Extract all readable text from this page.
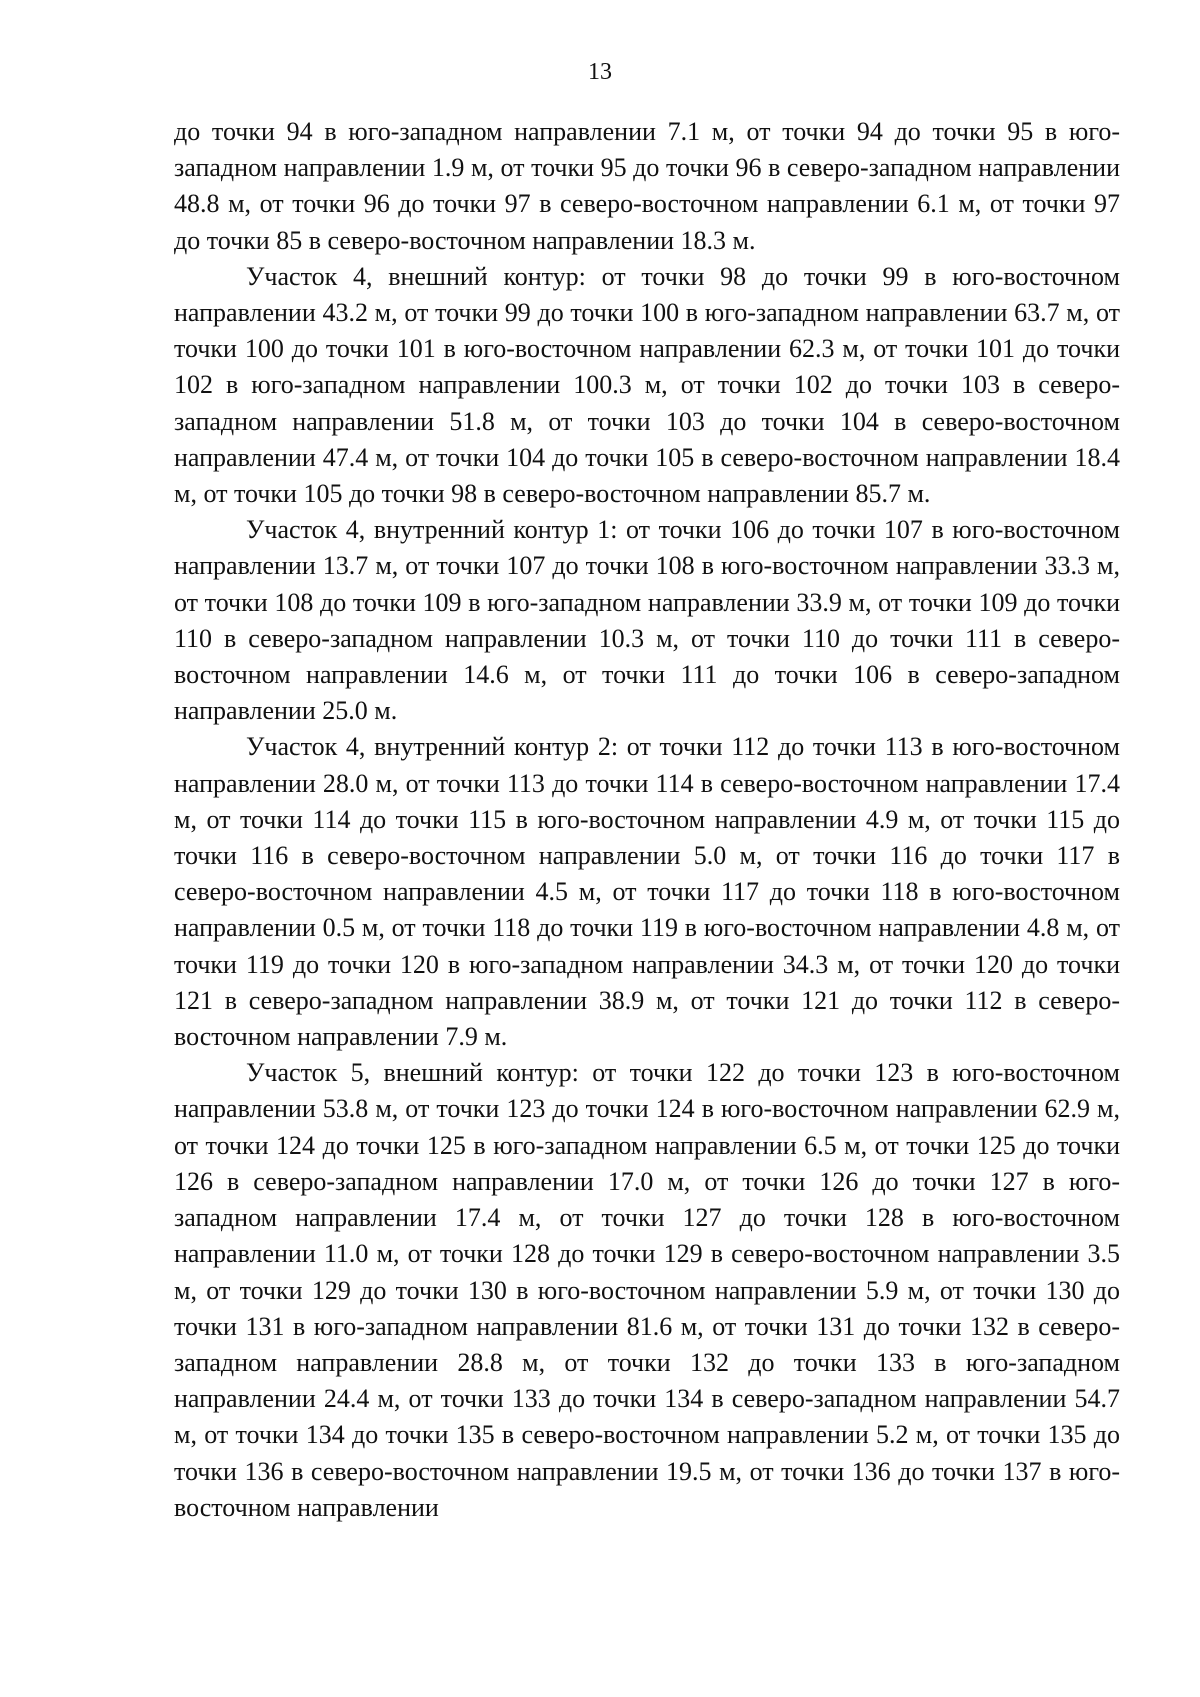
13

до точки 94 в юго-западном направлении 7.1 м, от точки 94 до точки 95 в юго-западном направлении 1.9 м, от точки 95 до точки 96 в северо-западном направлении 48.8 м, от точки 96 до точки 97 в северо-восточном направлении 6.1 м, от точки 97 до точки 85 в северо-восточном направлении 18.3 м.

Участок 4, внешний контур: от точки 98 до точки 99 в юго-восточном направлении 43.2 м, от точки 99 до точки 100 в юго-западном направлении 63.7 м, от точки 100 до точки 101 в юго-восточном направлении 62.3 м, от точки 101 до точки 102 в юго-западном направлении 100.3 м, от точки 102 до точки 103 в северо-западном направлении 51.8 м, от точки 103 до точки 104 в северо-восточном направлении 47.4 м, от точки 104 до точки 105 в северо-восточном направлении 18.4 м, от точки 105 до точки 98 в северо-восточном направлении 85.7 м.

Участок 4, внутренний контур 1: от точки 106 до точки 107 в юго-восточном направлении 13.7 м, от точки 107 до точки 108 в юго-восточном направлении 33.3 м, от точки 108 до точки 109 в юго-западном направлении 33.9 м, от точки 109 до точки 110 в северо-западном направлении 10.3 м, от точки 110 до точки 111 в северо-восточном направлении 14.6 м, от точки 111 до точки 106 в северо-западном направлении 25.0 м.

Участок 4, внутренний контур 2: от точки 112 до точки 113 в юго-восточном направлении 28.0 м, от точки 113 до точки 114 в северо-восточном направлении 17.4 м, от точки 114 до точки 115 в юго-восточном направлении 4.9 м, от точки 115 до точки 116 в северо-восточном направлении 5.0 м, от точки 116 до точки 117 в северо-восточном направлении 4.5 м, от точки 117 до точки 118 в юго-восточном направлении 0.5 м, от точки 118 до точки 119 в юго-восточном направлении 4.8 м, от точки 119 до точки 120 в юго-западном направлении 34.3 м, от точки 120 до точки 121 в северо-западном направлении 38.9 м, от точки 121 до точки 112 в северо-восточном направлении 7.9 м.

Участок 5, внешний контур: от точки 122 до точки 123 в юго-восточном направлении 53.8 м, от точки 123 до точки 124 в юго-восточном направлении 62.9 м, от точки 124 до точки 125 в юго-западном направлении 6.5 м, от точки 125 до точки 126 в северо-западном направлении 17.0 м, от точки 126 до точки 127 в юго-западном направлении 17.4 м, от точки 127 до точки 128 в юго-восточном направлении 11.0 м, от точки 128 до точки 129 в северо-восточном направлении 3.5 м, от точки 129 до точки 130 в юго-восточном направлении 5.9 м, от точки 130 до точки 131 в юго-западном направлении 81.6 м, от точки 131 до точки 132 в северо-западном направлении 28.8 м, от точки 132 до точки 133 в юго-западном направлении 24.4 м, от точки 133 до точки 134 в северо-западном направлении 54.7 м, от точки 134 до точки 135 в северо-восточном направлении 5.2 м, от точки 135 до точки 136 в северо-восточном направлении 19.5 м, от точки 136 до точки 137 в юго-восточном направлении
